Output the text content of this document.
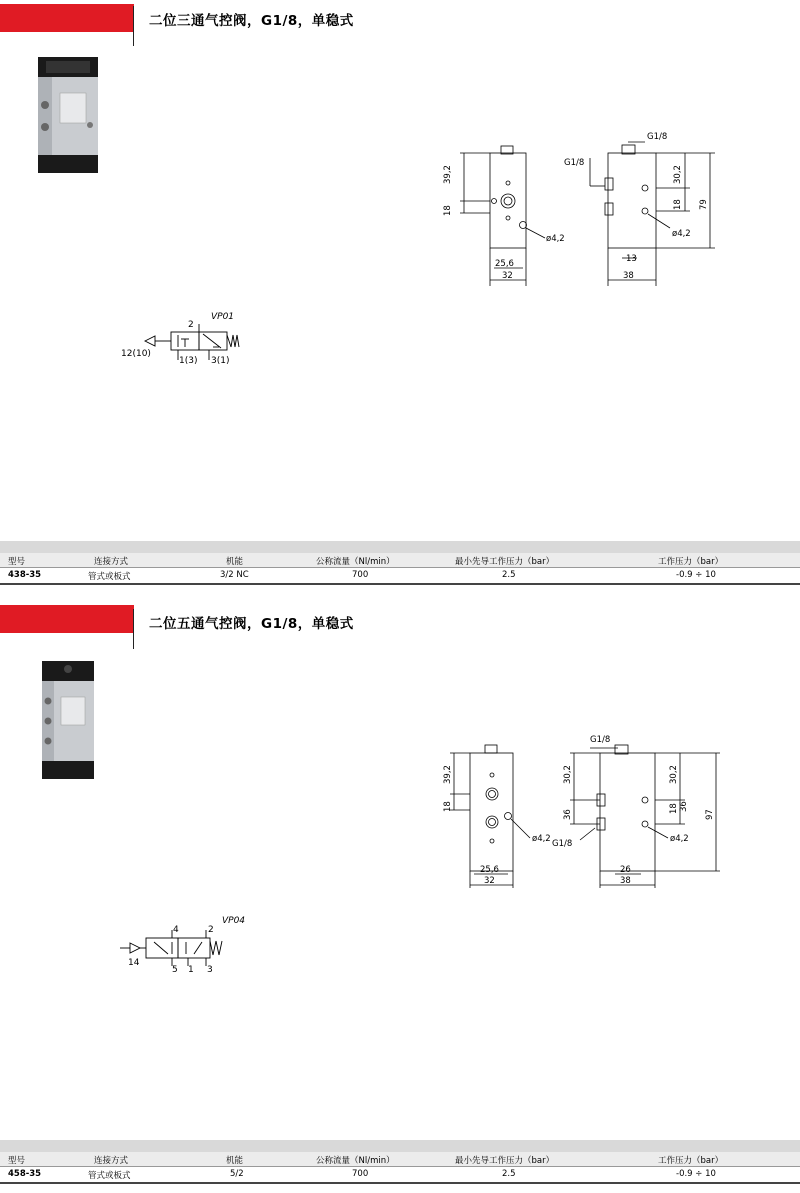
二位三通气控阀，G1/8，单稳式
39,2
18
25,6
32
ø4,2
G1/8
G1/8
30,2
18 79
13
38
ø4,2
VP01
2
12(10)
1(3) 3(1)
型号	连接方式	机能	公称流量（Nl/min）	最小先导工作压力（bar）	工作压力（bar）
438-35	管式或板式	3/2 NC	700	2.5	-0.9 ÷ 10
二位五通气控阀，G1/8，单稳式
39,2
18
25,6
32
ø4,2
G1/8
G1/8
30,2
36
18 36
30,2
97
26
38
ø4,2
VP04
4	2
14
5 1 3
型号	连接方式	机能	公称流量（Nl/min）	最小先导工作压力（bar）	工作压力（bar）
458-35	管式或板式	5/2	700	2.5	-0.9 ÷ 10
